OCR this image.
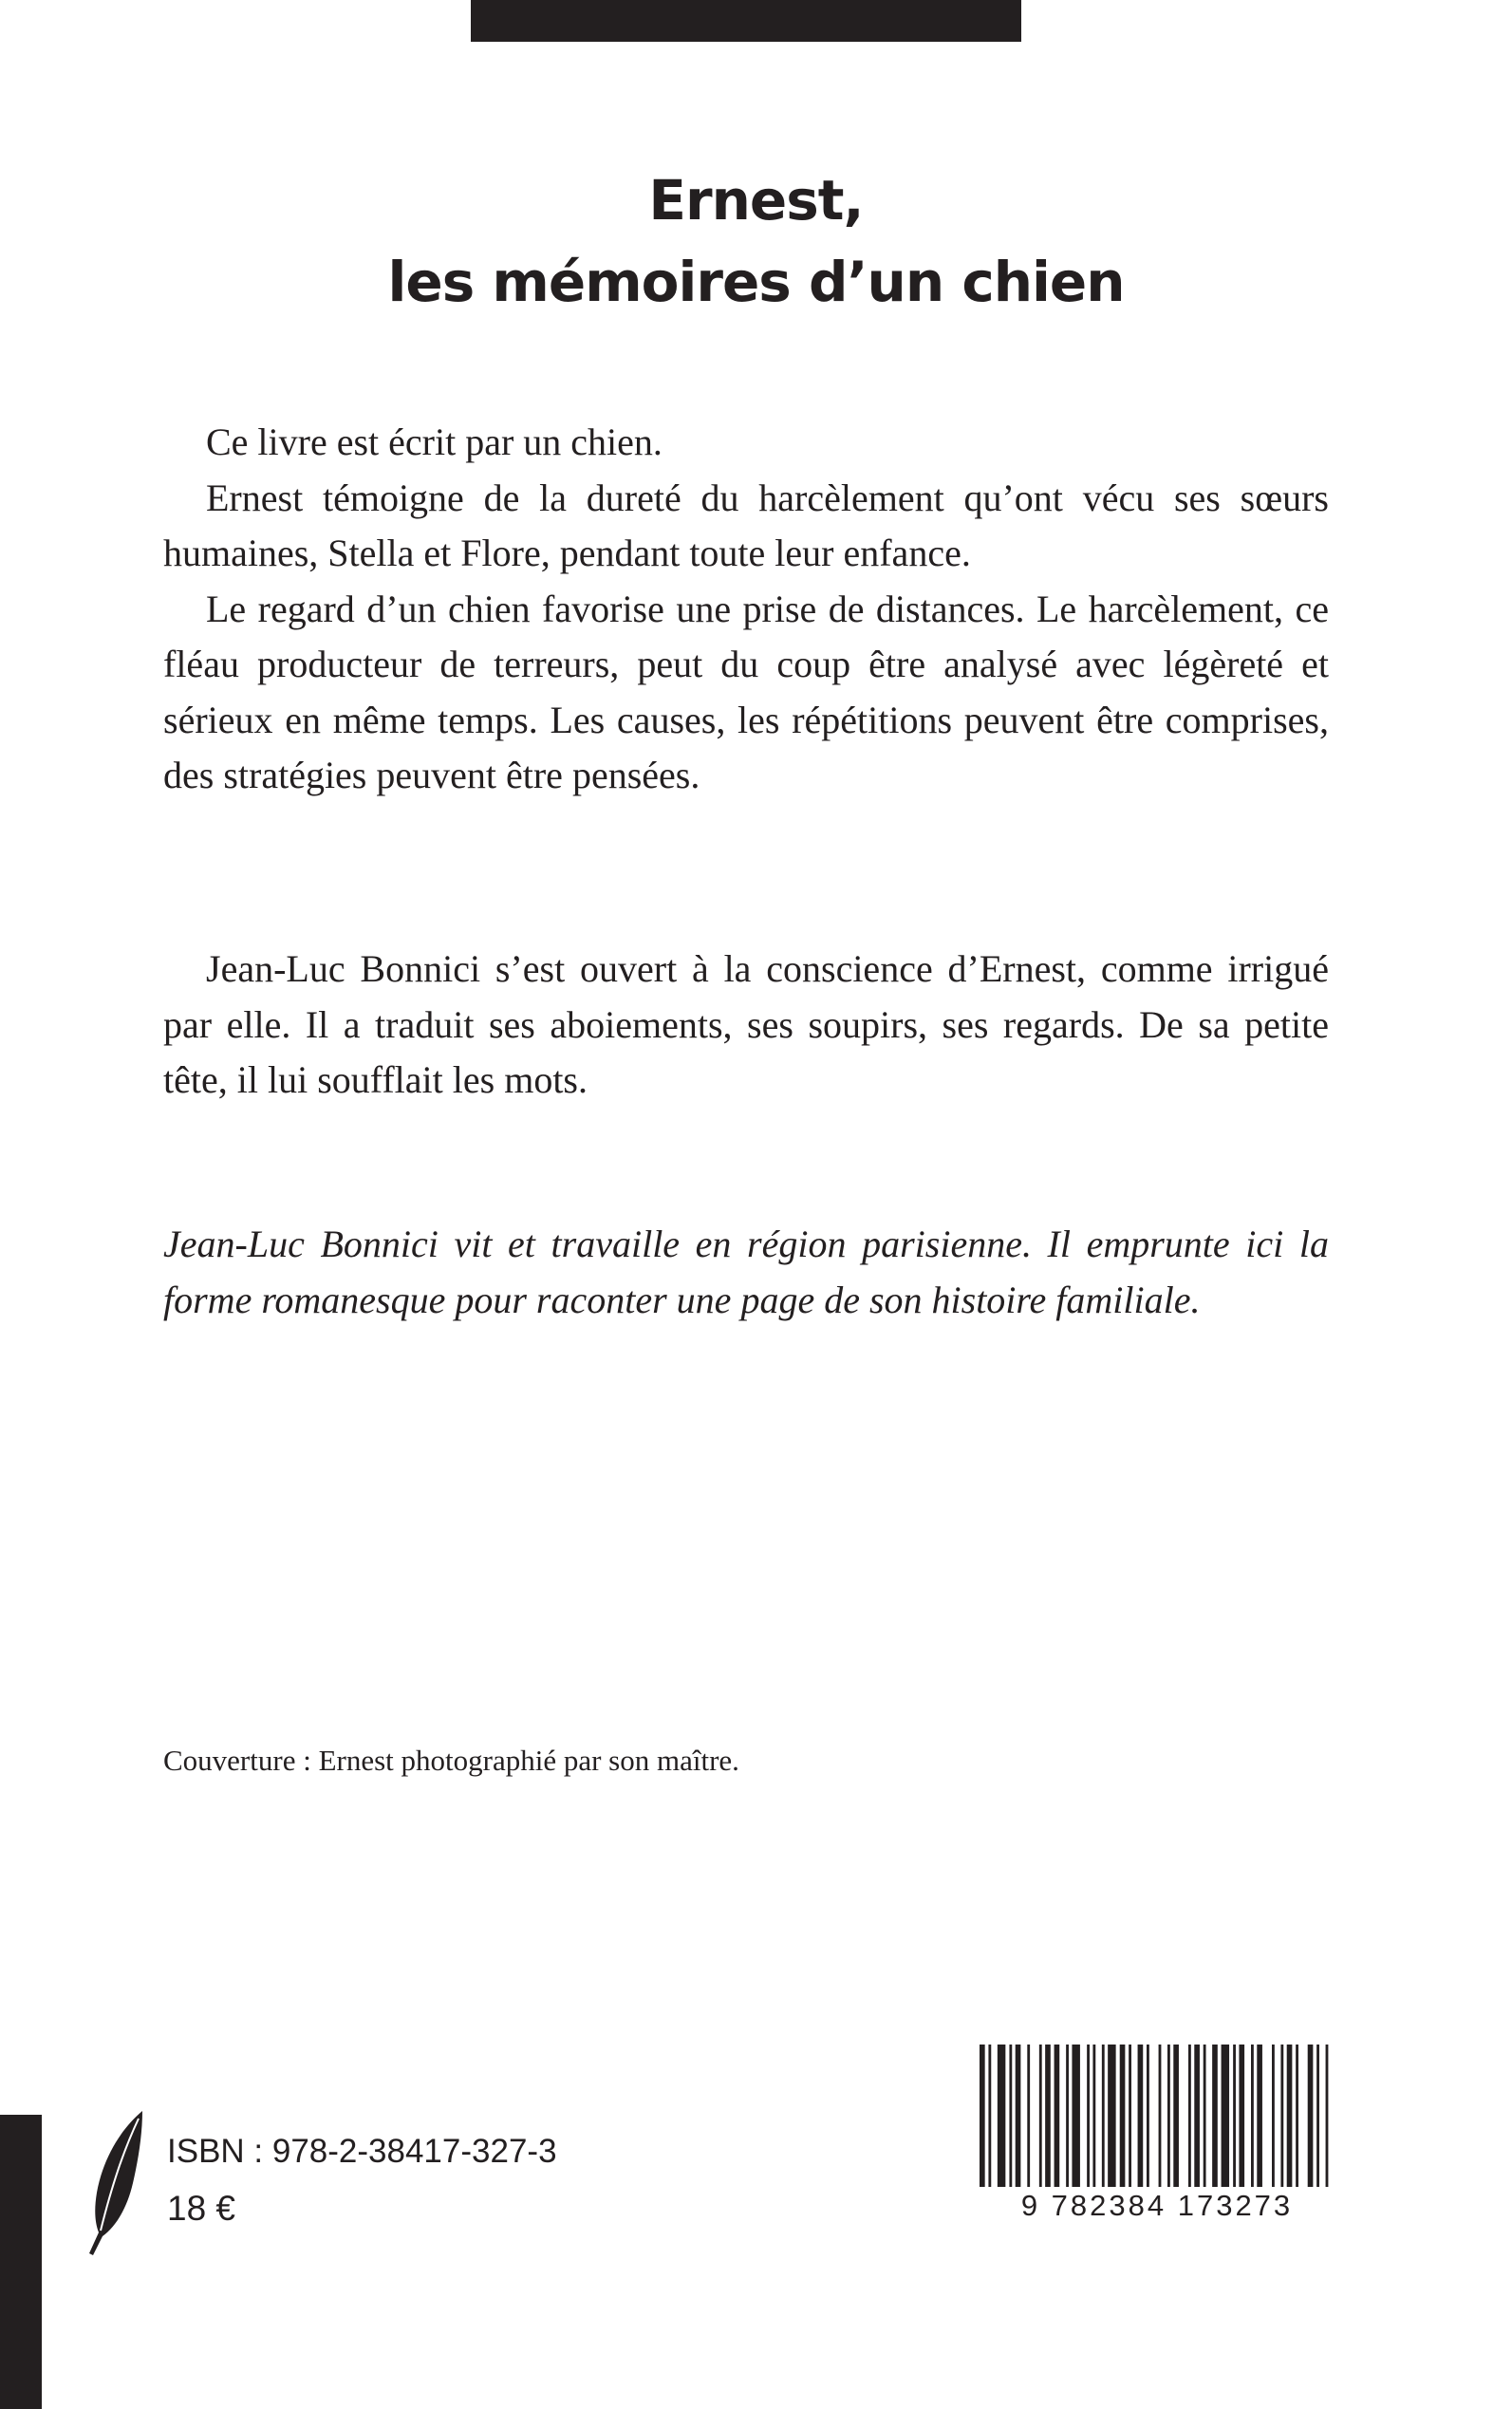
Ernest,
les mémoires d’un chien

Ce livre est écrit par un chien.

Ernest témoigne de la dureté du harcèlement qu’ont vécu ses sœurs humaines, Stella et Flore, pendant toute leur enfance.

Le regard d’un chien favorise une prise de distances. Le harcèlement, ce fléau producteur de terreurs, peut du coup être analysé avec légèreté et sérieux en même temps. Les causes, les répétitions peuvent être comprises, des stratégies peuvent être pensées.

Jean-Luc Bonnici s’est ouvert à la conscience d’Ernest, comme irrigué par elle. Il a traduit ses aboiements, ses soupirs, ses regards. De sa petite tête, il lui soufflait les mots.

Jean-Luc Bonnici vit et travaille en région parisienne. Il emprunte ici la forme romanesque pour raconter une page de son histoire familiale.

Couverture : Ernest photographié par son maître.
ISBN : 978-2-38417-327-3
18 €	9 782384 173273
